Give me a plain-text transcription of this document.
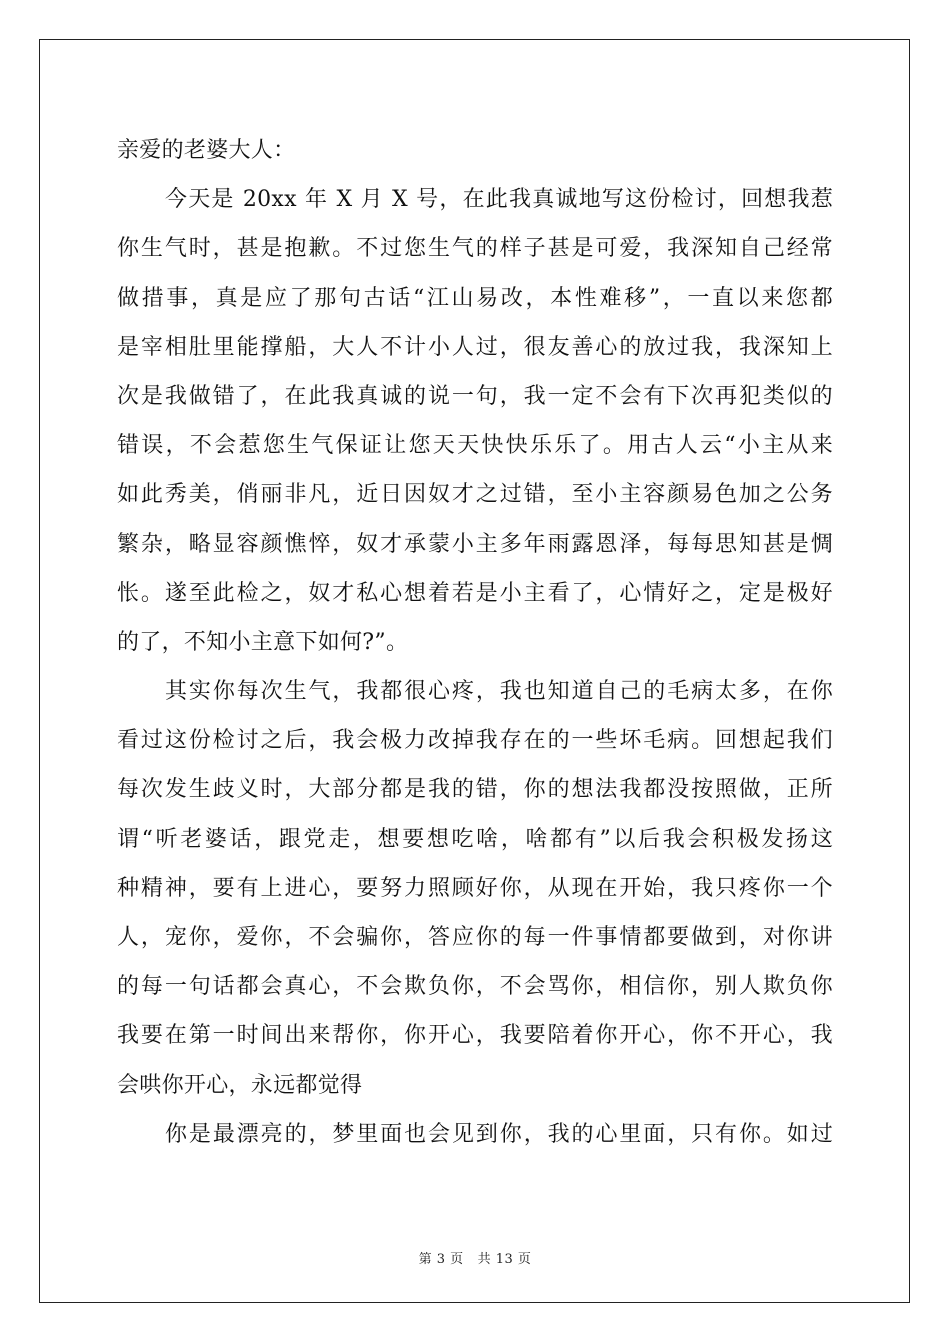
亲爱的老婆大人：
今天是 20xx 年 X 月 X 号，在此我真诚地写这份检讨，回想我惹
你生气时，甚是抱歉。不过您生气的样子甚是可爱，我深知自己经常
做措事，真是应了那句古话“江山易改，本性难移”，一直以来您都
是宰相肚里能撑船，大人不计小人过，很友善心的放过我，我深知上
次是我做错了，在此我真诚的说一句，我一定不会有下次再犯类似的
错误，不会惹您生气保证让您天天快快乐乐了。用古人云“小主从来
如此秀美，俏丽非凡，近日因奴才之过错，至小主容颜易色加之公务
繁杂，略显容颜憔悴，奴才承蒙小主多年雨露恩泽，每每思知甚是惆
怅。遂至此检之，奴才私心想着若是小主看了，心情好之，定是极好
的了，不知小主意下如何?”。
其实你每次生气，我都很心疼，我也知道自己的毛病太多，在你
看过这份检讨之后，我会极力改掉我存在的一些坏毛病。回想起我们
每次发生歧义时，大部分都是我的错，你的想法我都没按照做，正所
谓“听老婆话，跟党走，想要想吃啥，啥都有”以后我会积极发扬这
种精神，要有上进心，要努力照顾好你，从现在开始，我只疼你一个
人，宠你，爱你，不会骗你，答应你的每一件事情都要做到，对你讲
的每一句话都会真心，不会欺负你，不会骂你，相信你，别人欺负你
我要在第一时间出来帮你，你开心，我要陪着你开心，你不开心，我
会哄你开心，永远都觉得
你是最漂亮的，梦里面也会见到你，我的心里面，只有你。如过
第 3 页 共 13 页
